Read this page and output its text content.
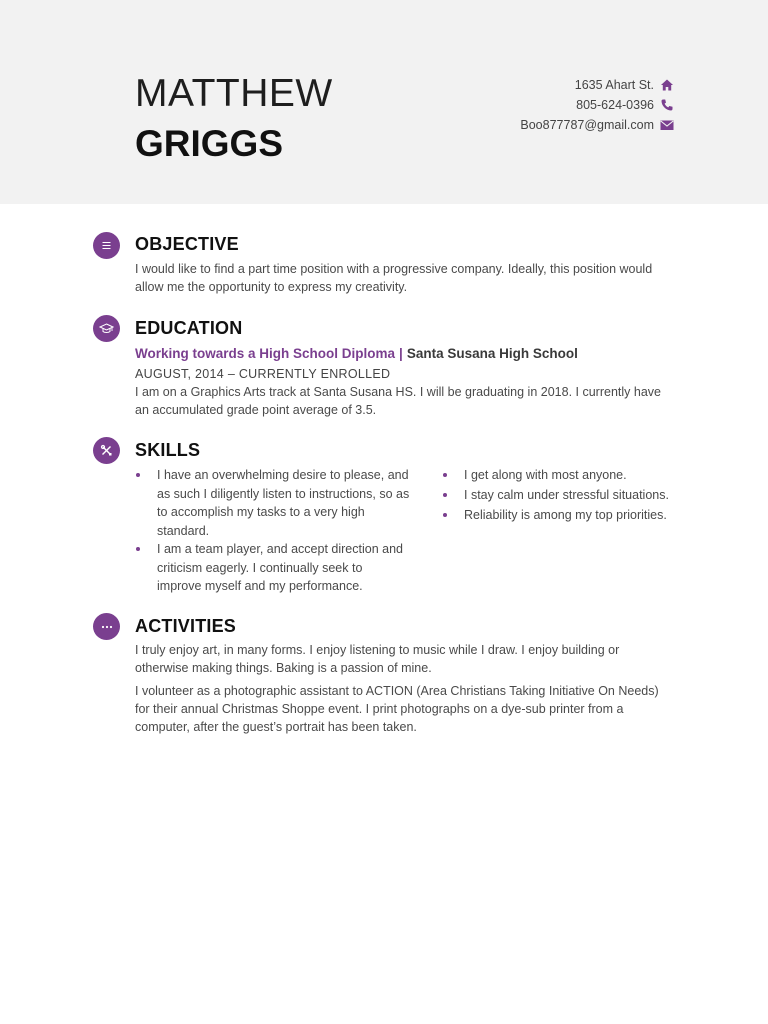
MATTHEW
GRIGGS
1635 Ahart St.
805-624-0396
Boo877787@gmail.com
OBJECTIVE
I would like to find a part time position with a progressive company. Ideally, this position would allow me the opportunity to express my creativity.
EDUCATION
Working towards a High School Diploma | Santa Susana High School
AUGUST, 2014 – CURRENTLY ENROLLED
I am on a Graphics Arts track at Santa Susana HS. I will be graduating in 2018. I currently have an accumulated grade point average of 3.5.
SKILLS
I have an overwhelming desire to please, and as such I diligently listen to instructions, so as to accomplish my tasks to a very high standard.
I am a team player, and accept direction and criticism eagerly. I continually seek to improve myself and my performance.
I get along with most anyone.
I stay calm under stressful situations.
Reliability is among my top priorities.
ACTIVITIES
I truly enjoy art, in many forms. I enjoy listening to music while I draw. I enjoy building or otherwise making things. Baking is a passion of mine.
I volunteer as a photographic assistant to ACTION (Area Christians Taking Initiative On Needs) for their annual Christmas Shoppe event. I print photographs on a dye-sub printer from a computer, after the guest’s portrait has been taken.
